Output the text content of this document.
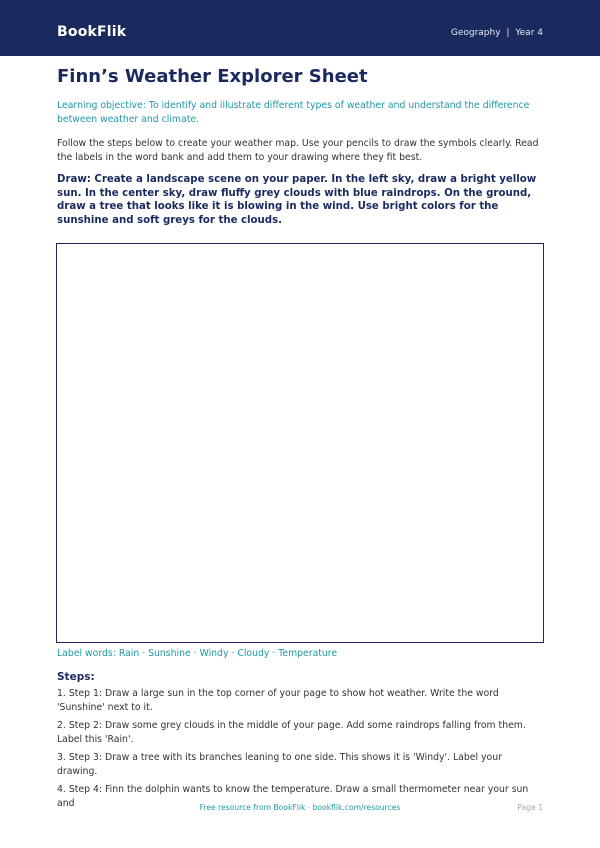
BookFlik	Geography | Year 4
Finn’s Weather Explorer Sheet
Learning objective: To identify and illustrate different types of weather and understand the difference between weather and climate.
Follow the steps below to create your weather map. Use your pencils to draw the symbols clearly. Read the labels in the word bank and add them to your drawing where they fit best.
Draw: Create a landscape scene on your paper. In the left sky, draw a bright yellow sun. In the center sky, draw fluffy grey clouds with blue raindrops. On the ground, draw a tree that looks like it is blowing in the wind. Use bright colors for the sunshine and soft greys for the clouds.
Label words: Rain · Sunshine · Windy · Cloudy · Temperature
Steps:
1. Step 1: Draw a large sun in the top corner of your page to show hot weather. Write the word 'Sunshine' next to it.
2. Step 2: Draw some grey clouds in the middle of your page. Add some raindrops falling from them. Label this 'Rain'.
3. Step 3: Draw a tree with its branches leaning to one side. This shows it is 'Windy'. Label your drawing.
4. Step 4: Finn the dolphin wants to know the temperature. Draw a small thermometer near your sun and	Free resource from BookFlik · bookflik.com/resources	Page 1
